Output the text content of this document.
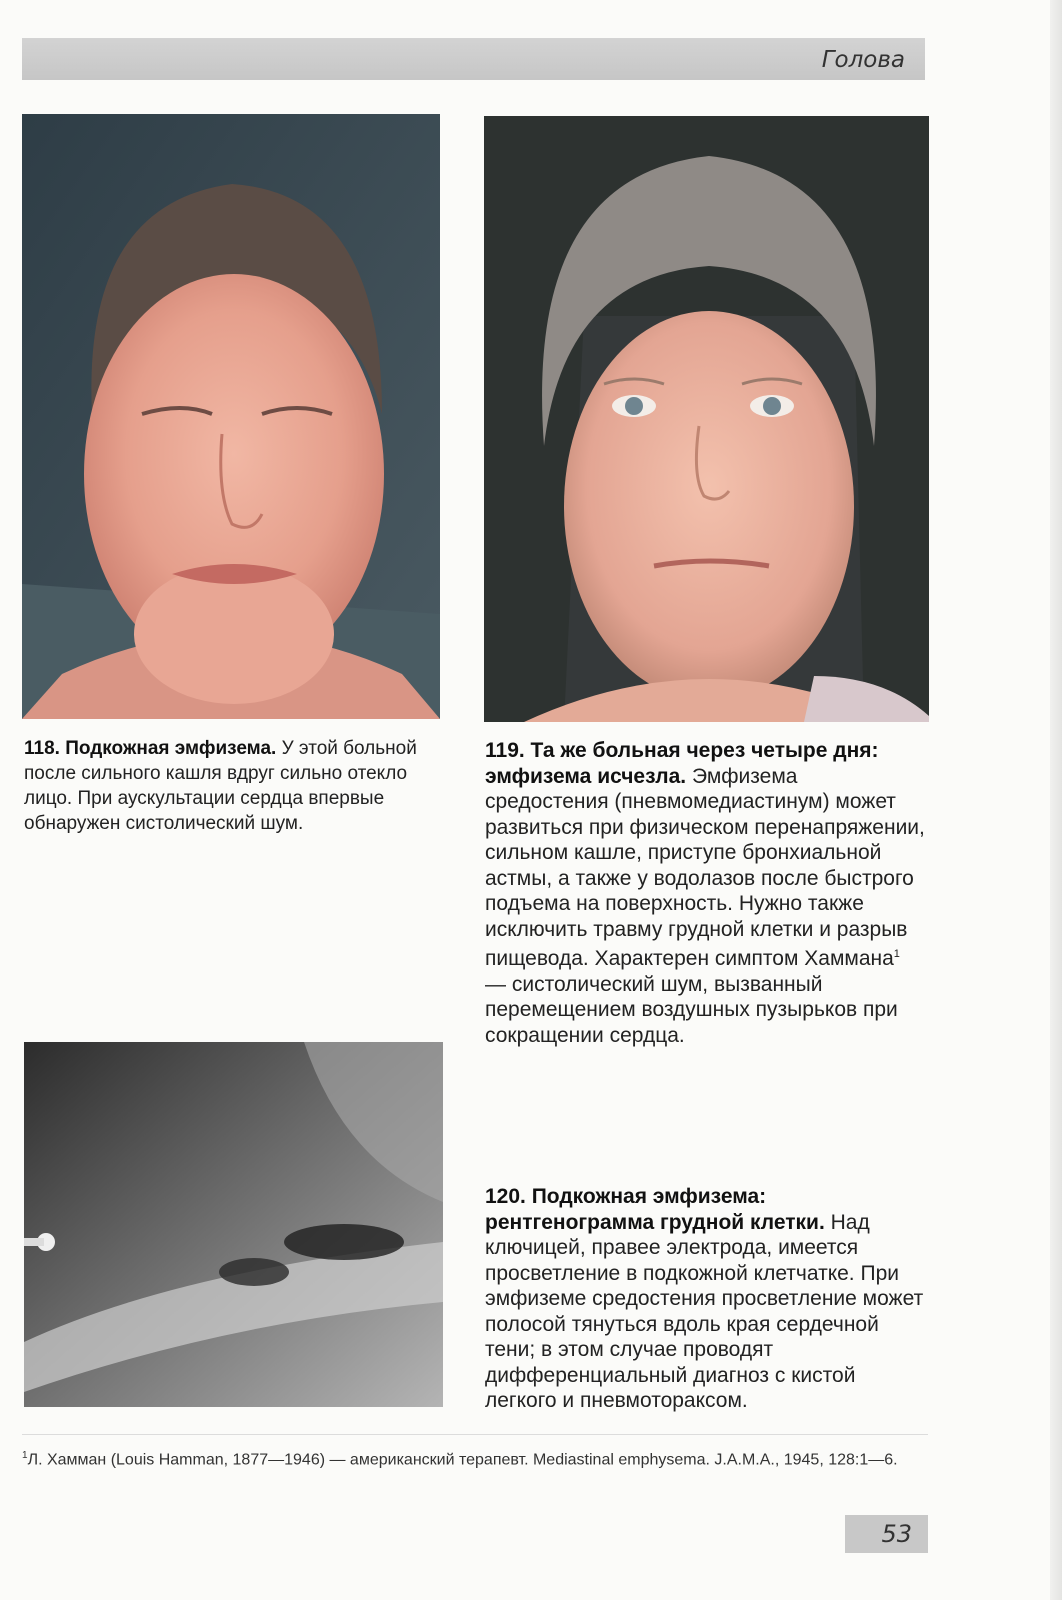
Голова
118. Подкожная эмфизема. У этой больной после сильного кашля вдруг сильно отекло лицо. При аускультации сердца впервые обнаружен систолический шум.
119. Та же больная через четыре дня: эмфизема исчезла. Эмфизема средостения (пневмомедиастинум) может развиться при физическом перенапряжении, сильном кашле, приступе бронхиальной астмы, а также у водолазов после быстрого подъема на поверхность. Нужно также исключить травму грудной клетки и разрыв пищевода. Характерен симптом Хаммана$^1$ — систолический шум, вызванный перемещением воздушных пузырьков при сокращении сердца.
120. Подкожная эмфизема: рентгенограмма грудной клетки. Над ключицей, правее электрода, имеется просветление в подкожной клетчатке. При эмфиземе средостения просветление может полосой тянуться вдоль края сердечной тени; в этом случае проводят дифференциальный диагноз с кистой легкого и пневмотораксом.
$^1$Л. Хамман (Louis Hamman, 1877—1946) — американский терапевт. Mediastinal emphysema. J.A.M.A., 1945, 128:1—6.
53
